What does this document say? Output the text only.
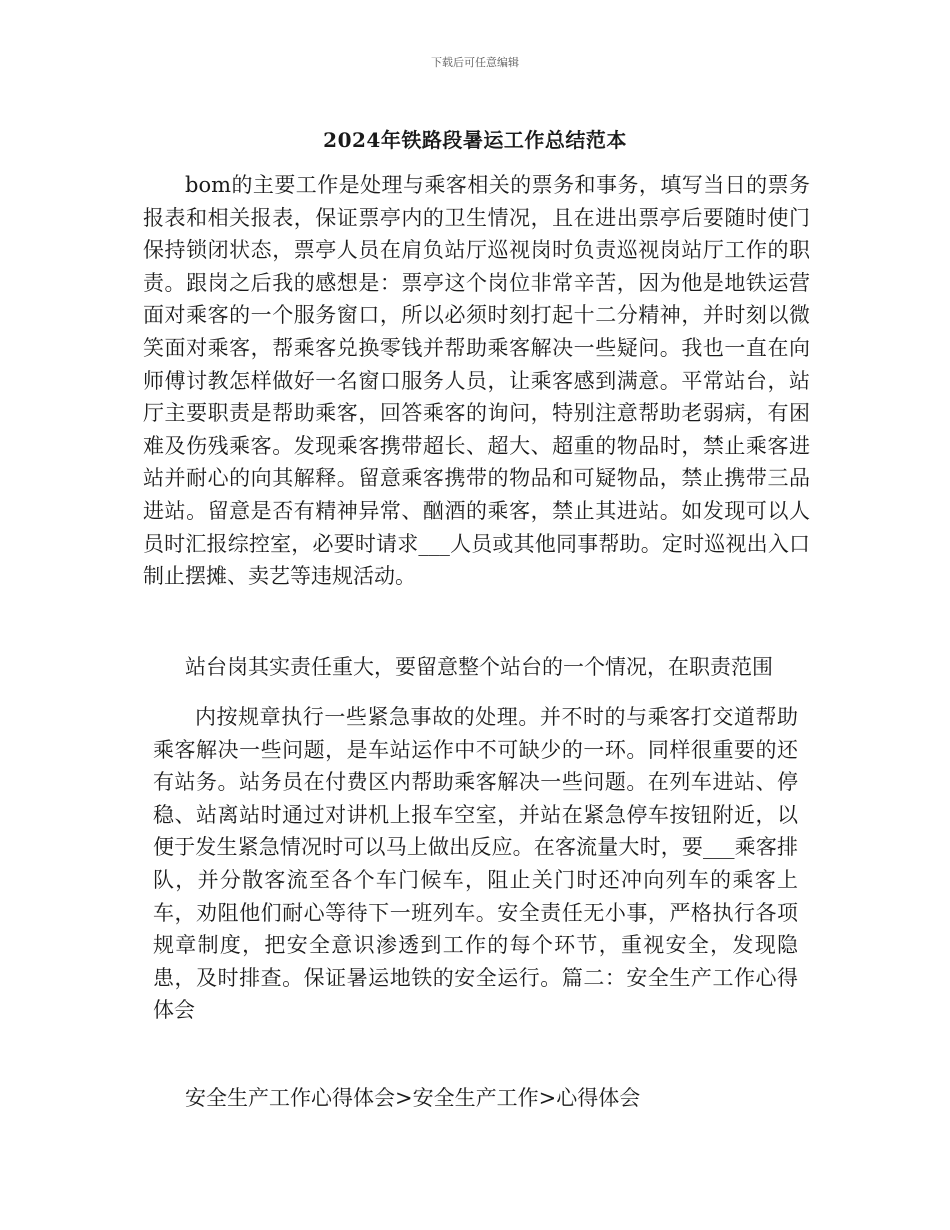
下载后可任意编辑
2024年铁路段暑运工作总结范本

bom的主要工作是处理与乘客相关的票务和事务，填写当日的票务报表和相关报表，保证票亭内的卫生情况，且在进出票亭后要随时使门保持锁闭状态，票亭人员在肩负站厅巡视岗时负责巡视岗站厅工作的职责。跟岗之后我的感想是：票亭这个岗位非常辛苦，因为他是地铁运营面对乘客的一个服务窗口，所以必须时刻打起十二分精神，并时刻以微笑面对乘客，帮乘客兑换零钱并帮助乘客解决一些疑问。我也一直在向师傅讨教怎样做好一名窗口服务人员，让乘客感到满意。平常站台，站厅主要职责是帮助乘客，回答乘客的询问，特别注意帮助老弱病，有困难及伤残乘客。发现乘客携带超长、超大、超重的物品时，禁止乘客进站并耐心的向其解释。留意乘客携带的物品和可疑物品，禁止携带三品进站。留意是否有精神异常、酗酒的乘客，禁止其进站。如发现可以人员时汇报综控室，必要时请求___人员或其他同事帮助。定时巡视出入口制止摆摊、卖艺等违规活动。

站台岗其实责任重大，要留意整个站台的一个情况，在职责范围

内按规章执行一些紧急事故的处理。并不时的与乘客打交道帮助乘客解决一些问题，是车站运作中不可缺少的一环。同样很重要的还有站务。站务员在付费区内帮助乘客解决一些问题。在列车进站、停稳、站离站时通过对讲机上报车空室，并站在紧急停车按钮附近，以便于发生紧急情况时可以马上做出反应。在客流量大时，要___乘客排队，并分散客流至各个车门候车，阻止关门时还冲向列车的乘客上车，劝阻他们耐心等待下一班列车。安全责任无小事，严格执行各项规章制度，把安全意识渗透到工作的每个环节，重视安全，发现隐患，及时排查。保证暑运地铁的安全运行。篇二：安全生产工作心得体会

安全生产工作心得体会>安全生产工作>心得体会
